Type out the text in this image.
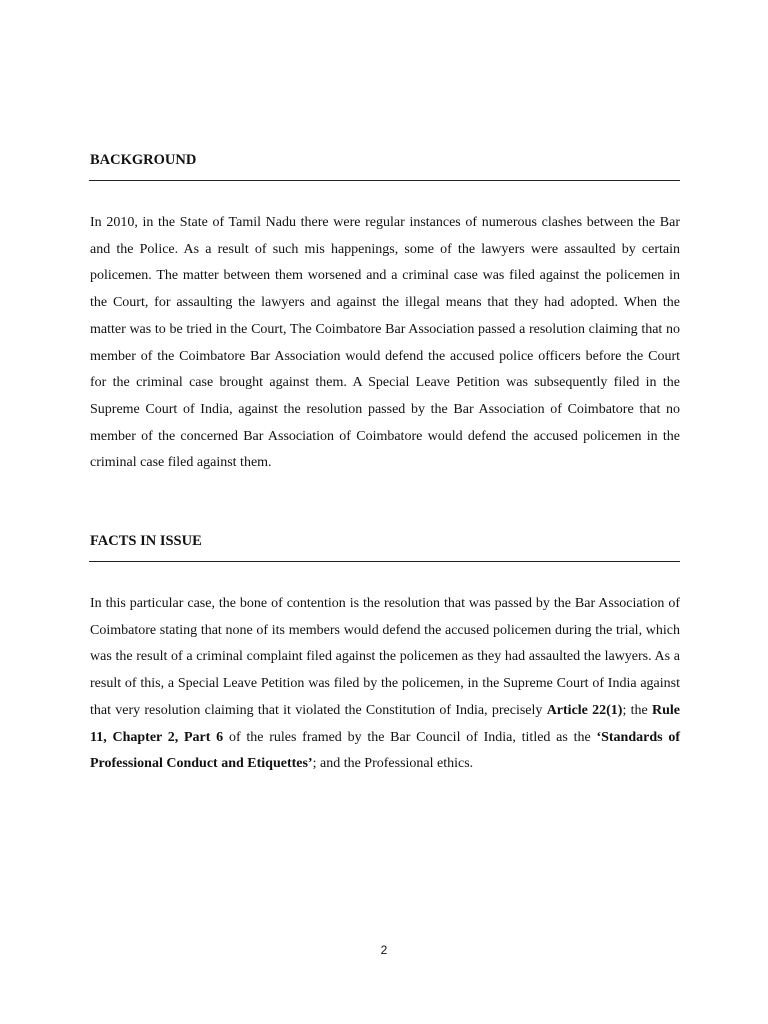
BACKGROUND

In 2010, in the State of Tamil Nadu there were regular instances of numerous clashes between the Bar and the Police. As a result of such mis happenings, some of the lawyers were assaulted by certain policemen. The matter between them worsened and a criminal case was filed against the policemen in the Court, for assaulting the lawyers and against the illegal means that they had adopted. When the matter was to be tried in the Court, The Coimbatore Bar Association passed a resolution claiming that no member of the Coimbatore Bar Association would defend the accused police officers before the Court for the criminal case brought against them. A Special Leave Petition was subsequently filed in the Supreme Court of India, against the resolution passed by the Bar Association of Coimbatore that no member of the concerned Bar Association of Coimbatore would defend the accused policemen in the criminal case filed against them.

FACTS IN ISSUE

In this particular case, the bone of contention is the resolution that was passed by the Bar Association of Coimbatore stating that none of its members would defend the accused policemen during the trial, which was the result of a criminal complaint filed against the policemen as they had assaulted the lawyers. As a result of this, a Special Leave Petition was filed by the policemen, in the Supreme Court of India against that very resolution claiming that it violated the Constitution of India, precisely Article 22(1); the Rule 11, Chapter 2, Part 6 of the rules framed by the Bar Council of India, titled as the ‘Standards of Professional Conduct and Etiquettes’; and the Professional ethics.

2
